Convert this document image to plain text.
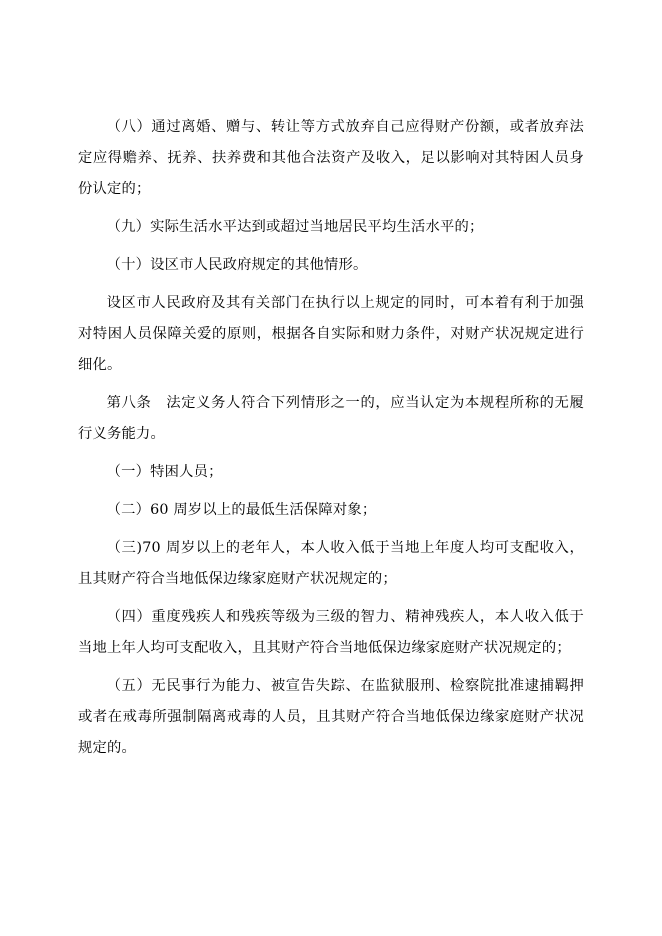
（八）通过离婚、赠与、转让等方式放弃自己应得财产份额，或者放弃法定应得赡养、抚养、扶养费和其他合法资产及收入，足以影响对其特困人员身份认定的；

（九）实际生活水平达到或超过当地居民平均生活水平的；

（十）设区市人民政府规定的其他情形。

设区市人民政府及其有关部门在执行以上规定的同时，可本着有利于加强对特困人员保障关爱的原则，根据各自实际和财力条件，对财产状况规定进行细化。

第八条　法定义务人符合下列情形之一的，应当认定为本规程所称的无履行义务能力。

（一）特困人员；

（二）60 周岁以上的最低生活保障对象；

（三)70 周岁以上的老年人，本人收入低于当地上年度人均可支配收入，且其财产符合当地低保边缘家庭财产状况规定的；

（四）重度残疾人和残疾等级为三级的智力、精神残疾人，本人收入低于当地上年人均可支配收入，且其财产符合当地低保边缘家庭财产状况规定的；

（五）无民事行为能力、被宣告失踪、在监狱服刑、检察院批准逮捕羁押或者在戒毒所强制隔离戒毒的人员，且其财产符合当地低保边缘家庭财产状况规定的。
